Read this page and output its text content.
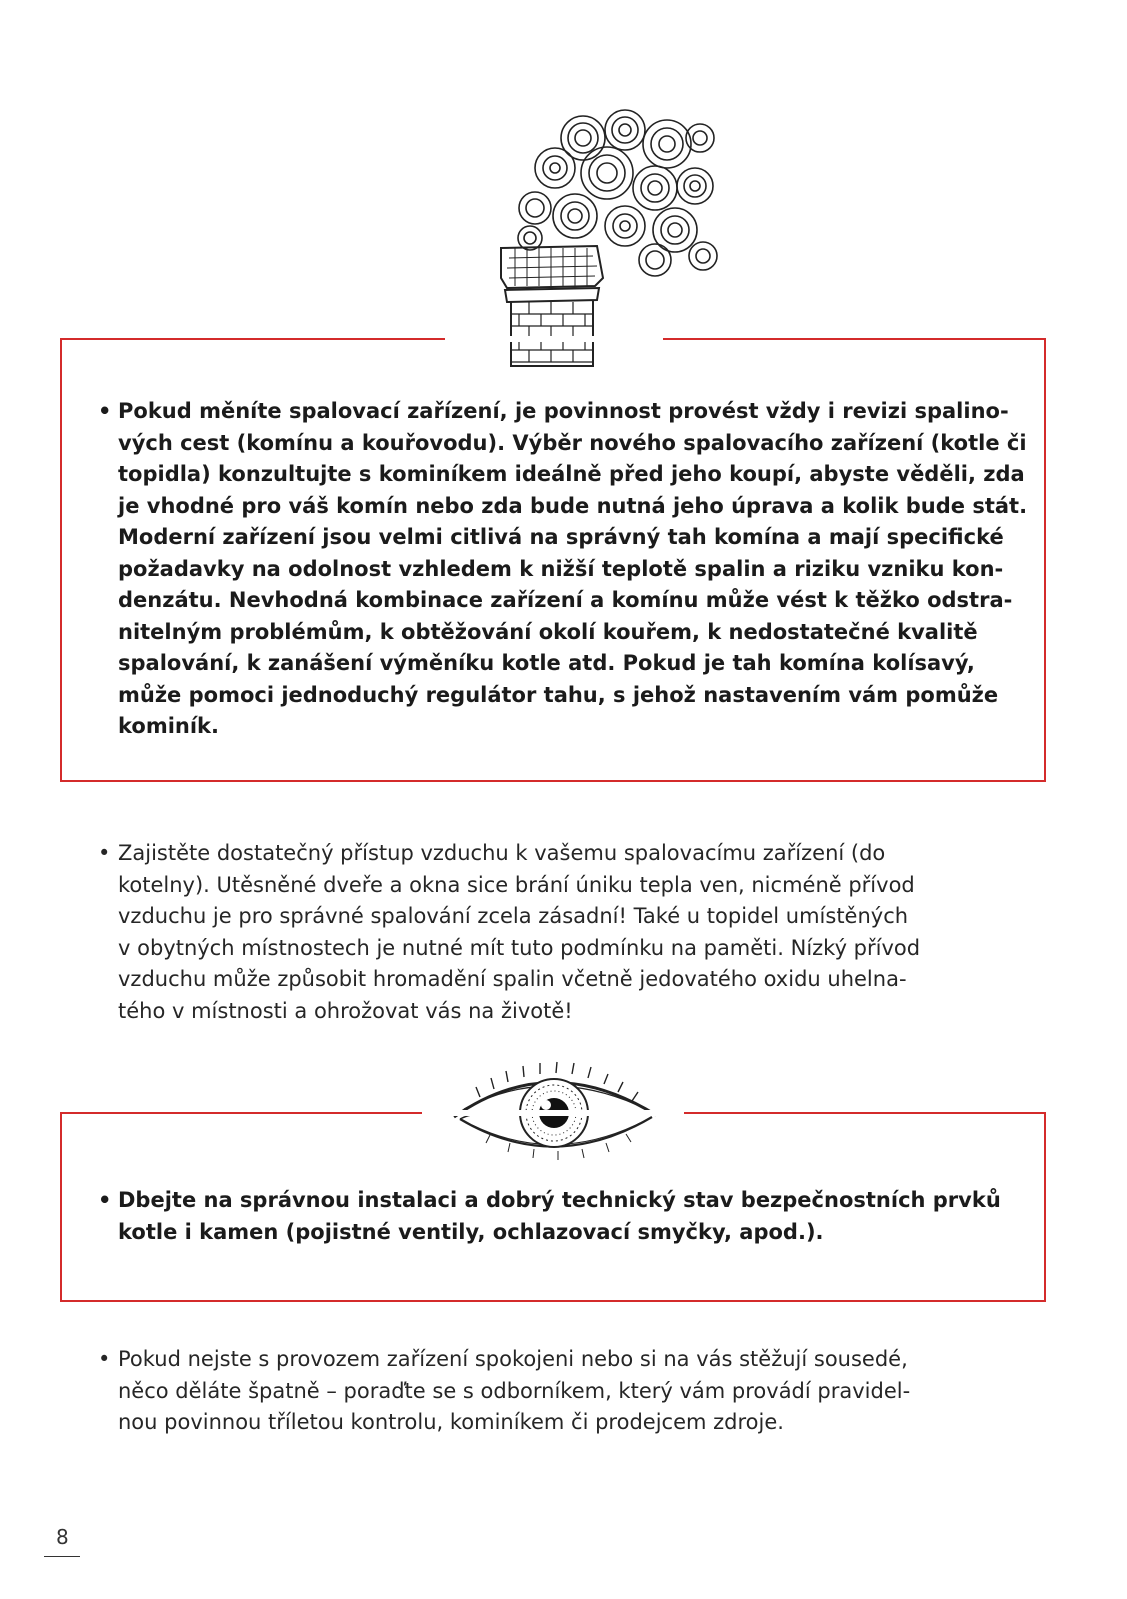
• Pokud měníte spalovací zařízení, je povinnost provést vždy i revizi spalino-
vých cest (komínu a kouřovodu). Výběr nového spalovacího zařízení (kotle či
topidla) konzultujte s kominíkem ideálně před jeho koupí, abyste věděli, zda
je vhodné pro váš komín nebo zda bude nutná jeho úprava a kolik bude stát.
Moderní zařízení jsou velmi citlivá na správný tah komína a mají specifické
požadavky na odolnost vzhledem k nižší teplotě spalin a riziku vzniku kon-
denzátu. Nevhodná kombinace zařízení a komínu může vést k těžko odstra-
nitelným problémům, k obtěžování okolí kouřem, k nedostatečné kvalitě
spalování, k zanášení výměníku kotle atd. Pokud je tah komína kolísavý,
může pomoci jednoduchý regulátor tahu, s jehož nastavením vám pomůže
kominík.
• Zajistěte dostatečný přístup vzduchu k vašemu spalovacímu zařízení (do
kotelny). Utěsněné dveře a okna sice brání úniku tepla ven, nicméně přívod
vzduchu je pro správné spalování zcela zásadní! Také u topidel umístěných
v obytných místnostech je nutné mít tuto podmínku na paměti. Nízký přívod
vzduchu může způsobit hromadění spalin včetně jedovatého oxidu uhelna-
tého v místnosti a ohrožovat vás na životě!
• Dbejte na správnou instalaci a dobrý technický stav bezpečnostních prvků
kotle i kamen (pojistné ventily, ochlazovací smyčky, apod.).
• Pokud nejste s provozem zařízení spokojeni nebo si na vás stěžují sousedé,
něco děláte špatně – poraďte se s odborníkem, který vám provádí pravidel-
nou povinnou tříletou kontrolu, kominíkem či prodejcem zdroje.
8
